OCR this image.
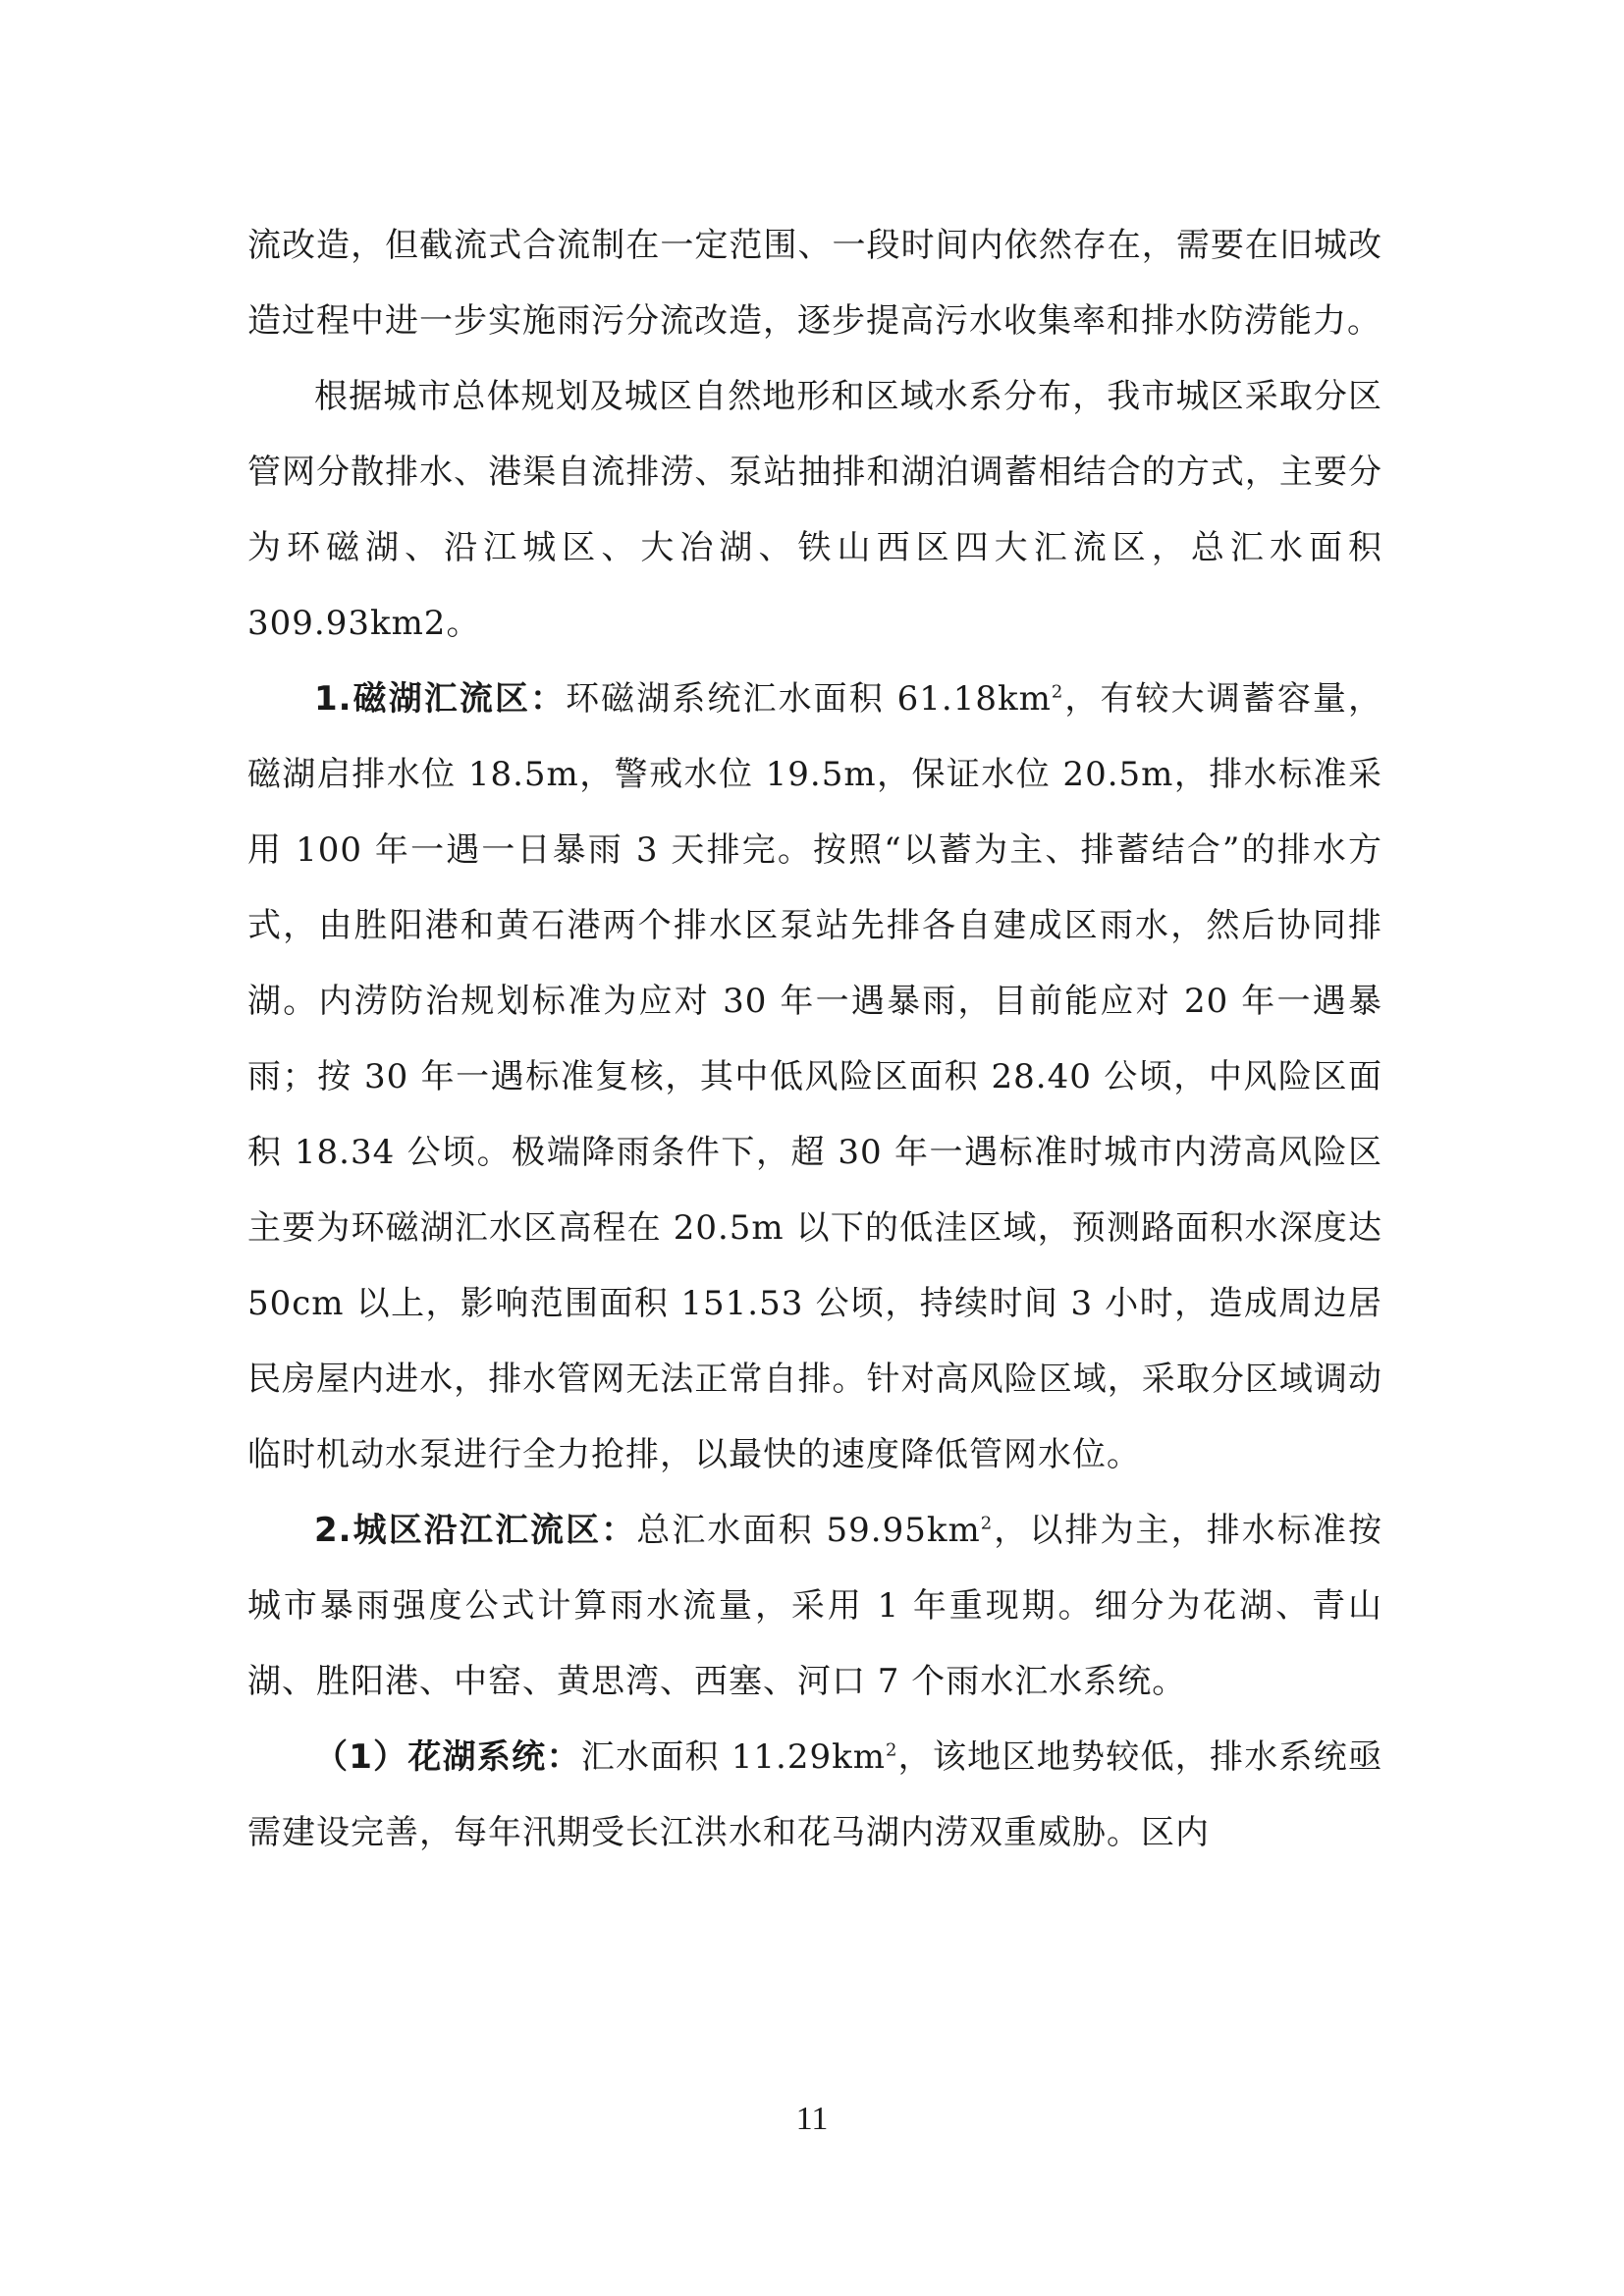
流改造，但截流式合流制在一定范围、一段时间内依然存在，需要在旧城改造过程中进一步实施雨污分流改造，逐步提高污水收集率和排水防涝能力。

根据城市总体规划及城区自然地形和区域水系分布，我市城区采取分区管网分散排水、港渠自流排涝、泵站抽排和湖泊调蓄相结合的方式，主要分为环磁湖、沿江城区、大冶湖、铁山西区四大汇流区，总汇水面积 309.93km2。

1.磁湖汇流区：环磁湖系统汇水面积 $61.18km^2$，有较大调蓄容量，磁湖启排水位 18.5m，警戒水位 19.5m，保证水位 20.5m，排水标准采用 100 年一遇一日暴雨 3 天排完。按照“以蓄为主、排蓄结合”的排水方式，由胜阳港和黄石港两个排水区泵站先排各自建成区雨水，然后协同排湖。内涝防治规划标准为应对 30 年一遇暴雨，目前能应对 20 年一遇暴雨；按 30 年一遇标准复核，其中低风险区面积 28.40 公顷，中风险区面积 18.34 公顷。极端降雨条件下，超 30 年一遇标准时城市内涝高风险区主要为环磁湖汇水区高程在 20.5m 以下的低洼区域，预测路面积水深度达 50cm 以上，影响范围面积 151.53 公顷，持续时间 3 小时，造成周边居民房屋内进水，排水管网无法正常自排。针对高风险区域，采取分区域调动临时机动水泵进行全力抢排，以最快的速度降低管网水位。

2.城区沿江汇流区：总汇水面积 $59.95km^2$，以排为主，排水标准按城市暴雨强度公式计算雨水流量，采用 1 年重现期。细分为花湖、青山湖、胜阳港、中窑、黄思湾、西塞、河口 7 个雨水汇水系统。

（1）花湖系统：汇水面积 $11.29km^2$，该地区地势较低，排水系统亟需建设完善，每年汛期受长江洪水和花马湖内涝双重威胁。区内

11
